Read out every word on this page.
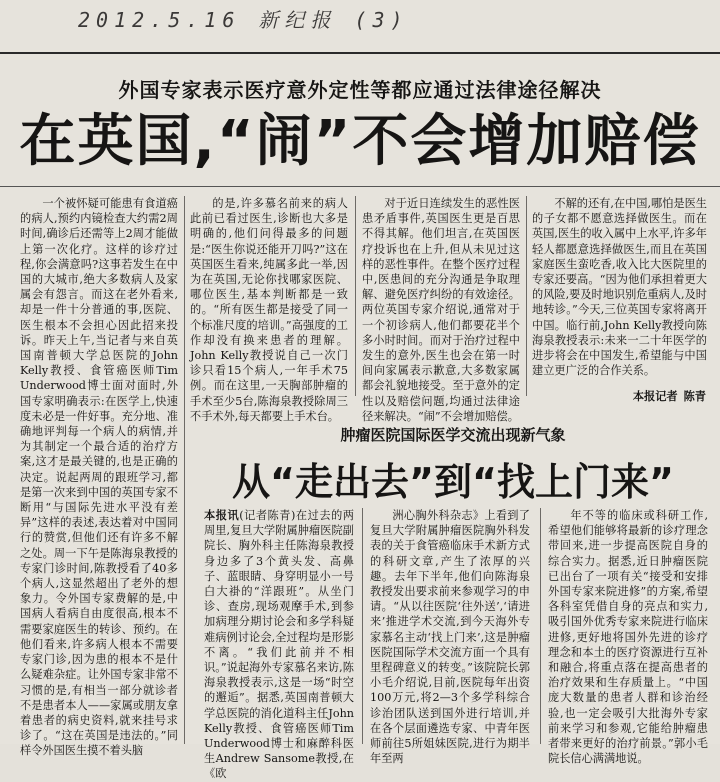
2012.5.16 新纪报 (3)
外国专家表示医疗意外定性等都应通过法律途径解决
在英国,“闹”不会增加赔偿

一个被怀疑可能患有食道癌的病人,预约内镜检查大约需2周时间,确诊后还需等上2周才能做上第一次化疗。这样的诊疗过程,你会满意吗?这事若发生在中国的大城市,绝大多数病人及家属会有怨言。而这在老外看来,却是一件十分普通的事,医院、医生根本不会担心因此招来投诉。昨天上午,当记者与来自英国南普顿大学总医院的John Kelly教授、食管癌医师Tim Underwood博士面对面时,外国专家明确表示:在医学上,快速度未必是一件好事。充分地、准确地评判每一个病人的病情,并为其制定一个最合适的治疗方案,这才是最关键的,也是正确的决定。说起两周的跟班学习,都是第一次来到中国的英国专家不断用“与国际先进水平没有差异”这样的表述,表达着对中国同行的赞赏,但他们还有许多不解之处。周一下午是陈海泉教授的专家门诊时间,陈教授看了40多个病人,这显然超出了老外的想象力。令外国专家费解的是,中国病人看病自由度很高,根本不需要家庭医生的转诊、预约。在他们看来,许多病人根本不需要专家门诊,因为患的根本不是什么疑难杂症。让外国专家非常不习惯的是,有相当一部分就诊者不是患者本人——家属或朋友拿着患者的病史资料,就来挂号求诊了。“这在英国是违法的。”同样令外国医生摸不着头脑

的是,许多慕名前来的病人此前已看过医生,诊断也大多是明确的,他们问得最多的问题是:“医生你说还能开刀吗?”这在英国医生看来,纯属多此一举,因为在英国,无论你找哪家医院、哪位医生,基本判断都是一致的。“所有医生都是接受了同一个标准尺度的培训。”高强度的工作却没有换来患者的理解。John Kelly教授说自己一次门诊只看15个病人,一年手术75例。而在这里,一天胸部肿瘤的手术至少5台,陈海泉教授除周三不手术外,每天都要上手术台。

对于近日连续发生的恶性医患矛盾事件,英国医生更是百思不得其解。他们坦言,在英国医疗投诉也在上升,但从未见过这样的恶性事件。在整个医疗过程中,医患间的充分沟通是争取理解、避免医疗纠纷的有效途径。两位英国专家介绍说,通常对于一个初诊病人,他们都要花半个多小时时间。而对于治疗过程中发生的意外,医生也会在第一时间向家属表示歉意,大多数家属都会礼貌地接受。至于意外的定性以及赔偿问题,均通过法律途径来解决。“闹”不会增加赔偿。

不解的还有,在中国,哪怕是医生的子女都不愿意选择做医生。而在英国,医生的收入属中上水平,许多年轻人都愿意选择做医生,而且在英国家庭医生蛮吃香,收入比大医院里的专家还要高。“因为他们承担着更大的风险,要及时地识别危重病人,及时地转诊。”今天,三位英国专家将离开中国。临行前,John Kelly教授向陈海泉教授表示:未来一二十年医学的进步将会在中国发生,希望能与中国建立更广泛的合作关系。

本报记者 陈青
肿瘤医院国际医学交流出现新气象
从“走出去”到“找上门来”
本报讯(记者陈青)在过去的两周里,复旦大学附属肿瘤医院副院长、胸外科主任陈海泉教授身边多了3个黄头发、高鼻子、蓝眼睛、身穿明显小一号白大褂的“洋跟班”。从坐门诊、查房,现场观摩手术,到参加病理分期讨论会和多学科疑难病例讨论会,全过程均是形影不离。“我们此前并不相识。”说起海外专家慕名来访,陈海泉教授表示,这是一场“时空的邂逅”。据悉,英国南普顿大学总医院的消化道科主任John Kelly教授、食管癌医师Tim Underwood博士和麻醉科医生Andrew Sansome教授,在《欧

洲心胸外科杂志》上看到了复旦大学附属肿瘤医院胸外科发表的关于食管癌临床手术新方式的科研文章,产生了浓厚的兴趣。去年下半年,他们向陈海泉教授发出要求前来参观学习的申请。“从以往医院‘往外送’,‘请进来’推进学术交流,到今天海外专家慕名主动‘找上门来’,这是肿瘤医院国际学术交流方面一个具有里程碑意义的转变。”该院院长郭小毛介绍说,目前,医院每年出资100万元,将2—3个多学科综合诊治团队送到国外进行培训,并在各个层面遴选专家、中青年医师前往5所姐妹医院,进行为期半年至两

年不等的临床或科研工作,希望他们能够将最新的诊疗理念带回来,进一步提高医院自身的综合实力。据悉,近日肿瘤医院已出台了一项有关“接受和安排外国专家来院进修”的方案,希望各科室凭借自身的亮点和实力,吸引国外优秀专家来院进行临床进修,更好地将国外先进的诊疗理念和本土的医疗资源进行互补和融合,将重点落在提高患者的治疗效果和生存质量上。“中国庞大数量的患者人群和诊治经验,也一定会吸引大批海外专家前来学习和参观,它能给肿瘤患者带来更好的治疗前景。”郭小毛院长信心满满地说。
